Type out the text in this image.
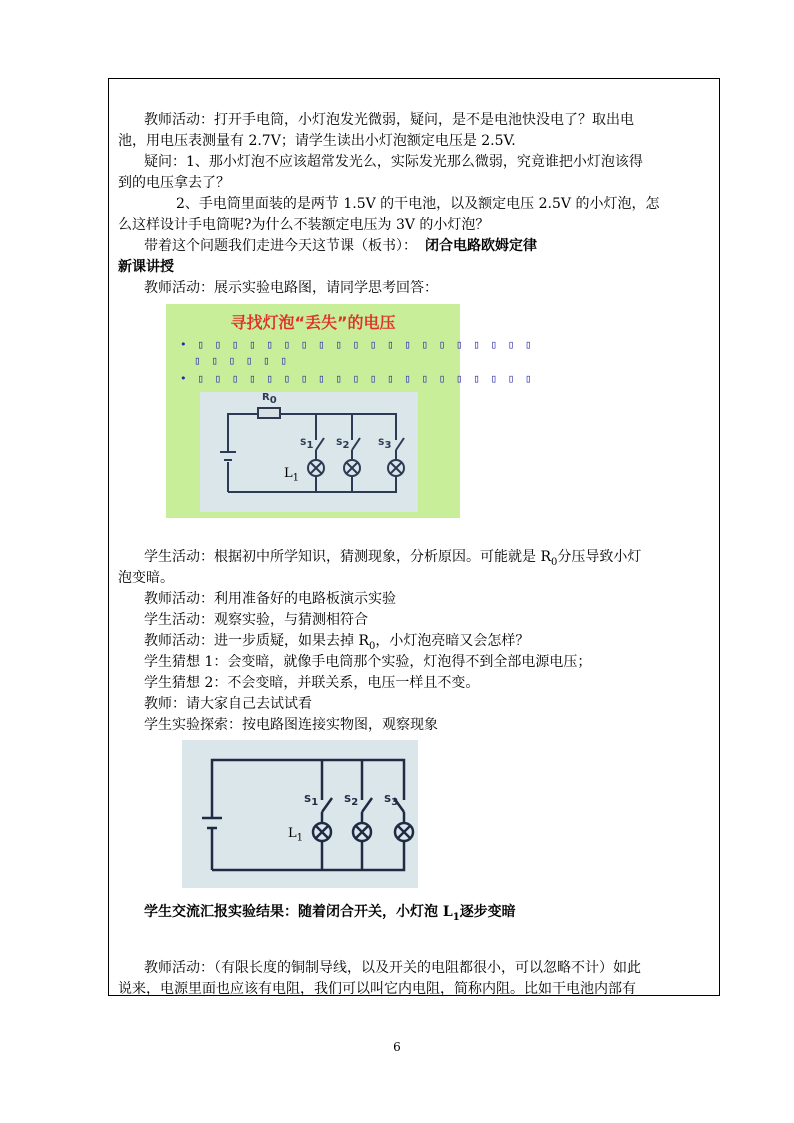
教师活动：打开手电筒，小灯泡发光微弱，疑问，是不是电池快没电了？取出电
池，用电压表测量有 2.7V；请学生读出小灯泡额定电压是 2.5V.
疑问：1、那小灯泡不应该超常发光么，实际发光那么微弱，究竟谁把小灯泡该得
到的电压拿去了？
2、手电筒里面装的是两节 1.5V 的干电池，以及额定电压 2.5V 的小灯泡，怎
么这样设计手电筒呢?为什么不装额定电压为 3V 的小灯泡？
带着这个问题我们走进今天这节课（板书）： 闭合电路欧姆定律
新课讲授
教师活动：展示实验电路图，请同学思考回答：
寻找灯泡“丢失”的电压
• ▯ ▯ ▯ ▯ ▯ ▯ ▯ ▯ ▯ ▯ ▯ ▯ ▯ ▯ ▯ ▯ ▯ ▯ ▯ ▯
▯ ▯ ▯ ▯ ▯ ▯
• ▯ ▯ ▯ ▯ ▯ ▯ ▯ ▯ ▯ ▯ ▯ ▯ ▯ ▯ ▯ ▯ ▯ ▯ ▯ ▯
$R_0$
$S_1$	$S_2$	$S_3$
$L_1$
学生活动：根据初中所学知识，猜测现象，分析原因。可能就是 $R_0$分压导致小灯
泡变暗。
教师活动：利用准备好的电路板演示实验
学生活动：观察实验，与猜测相符合
教师活动：进一步质疑，如果去掉 $R_0$，小灯泡亮暗又会怎样？
学生猜想 1：会变暗，就像手电筒那个实验，灯泡得不到全部电源电压；
学生猜想 2：不会变暗，并联关系，电压一样且不变。
教师：请大家自己去试试看
学生实验探索：按电路图连接实物图，观察现象
$S_1$	$S_2$	$S_3$
$L_1$
学生交流汇报实验结果：随着闭合开关，小灯泡 $L_1$逐步变暗
教师活动：（有限长度的铜制导线，以及开关的电阻都很小，可以忽略不计）如此
说来，电源里面也应该有电阻，我们可以叫它内电阻，简称内阻。比如干电池内部有
6
